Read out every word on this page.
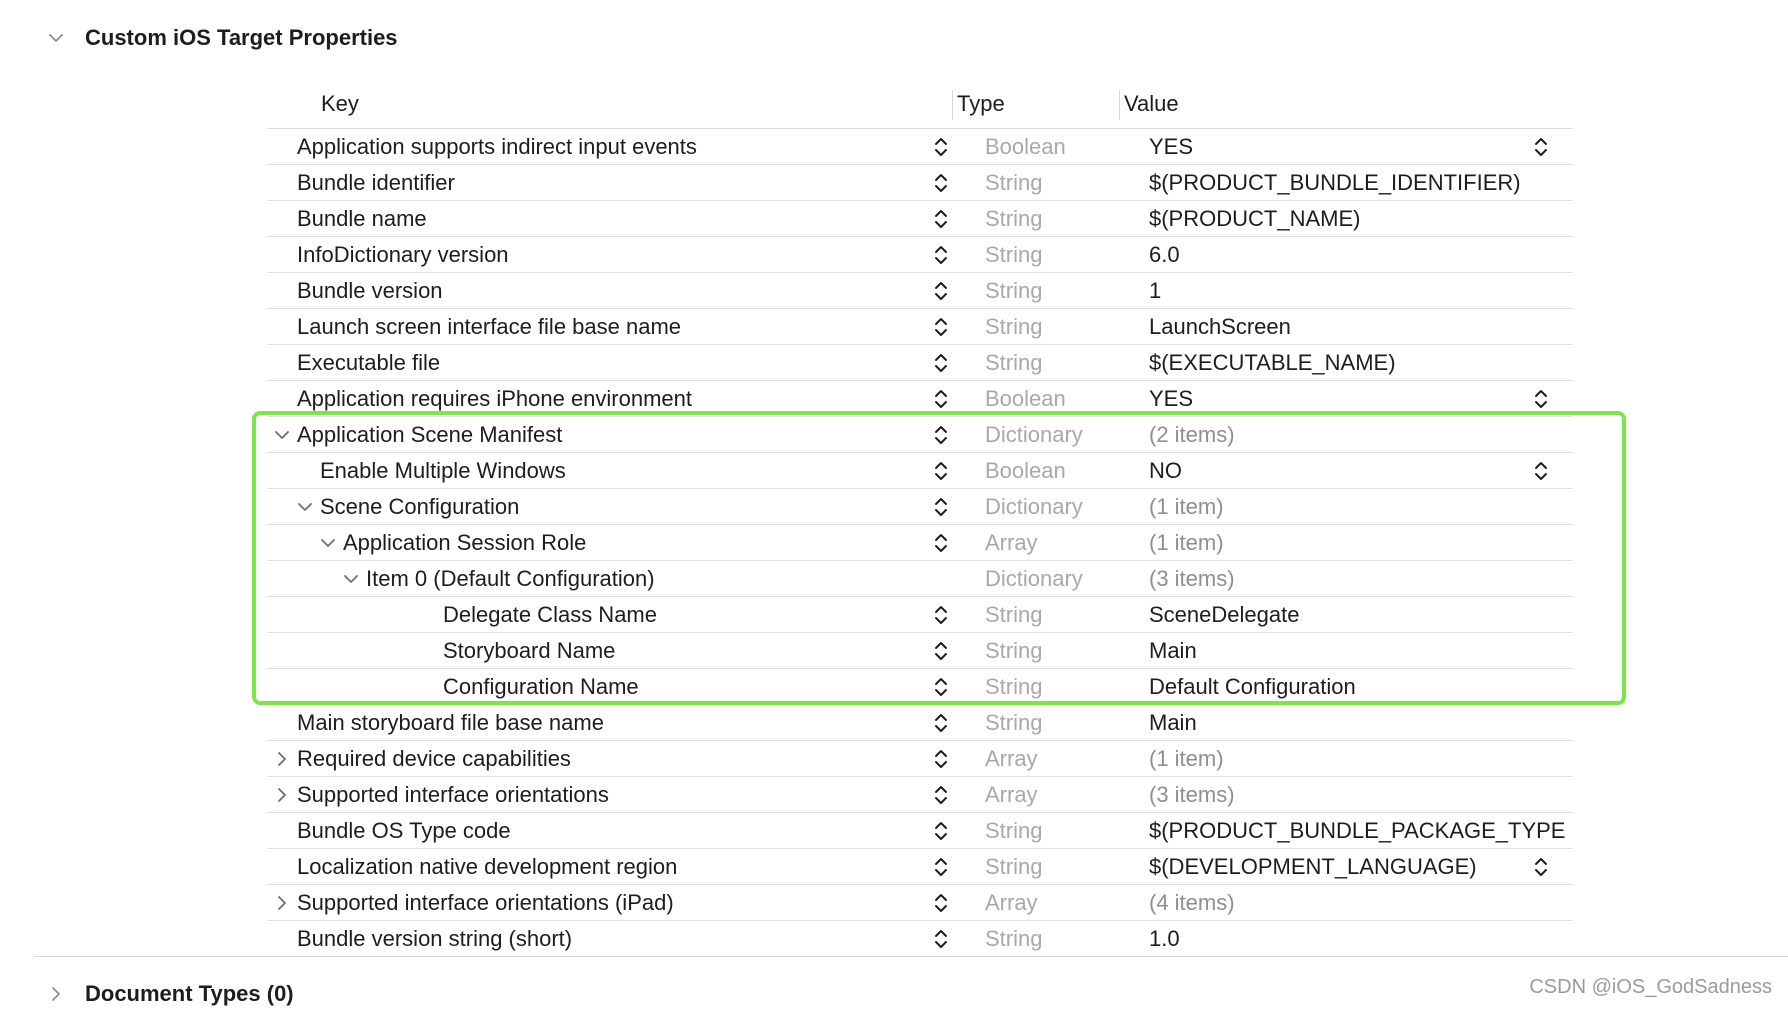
Custom iOS Target Properties
Key	Type	Value
Application supports indirect input events	Boolean	YES
Bundle identifier	String	$(PRODUCT_BUNDLE_IDENTIFIER)
Bundle name	String	$(PRODUCT_NAME)
InfoDictionary version	String	6.0
Bundle version	String	1
Launch screen interface file base name	String	LaunchScreen
Executable file	String	$(EXECUTABLE_NAME)
Application requires iPhone environment	Boolean	YES
Application Scene Manifest	Dictionary	(2 items)
Enable Multiple Windows	Boolean	NO
Scene Configuration	Dictionary	(1 item)
Application Session Role	Array	(1 item)
Item 0 (Default Configuration)	Dictionary	(3 items)
Delegate Class Name	String	SceneDelegate
Storyboard Name	String	Main
Configuration Name	String	Default Configuration
Main storyboard file base name	String	Main
Required device capabilities	Array	(1 item)
Supported interface orientations	Array	(3 items)
Bundle OS Type code	String	$(PRODUCT_BUNDLE_PACKAGE_TYPE
Localization native development region	String	$(DEVELOPMENT_LANGUAGE)
Supported interface orientations (iPad)	Array	(4 items)
Bundle version string (short)	String	1.0
Document Types (0)	CSDN @iOS_GodSadness
